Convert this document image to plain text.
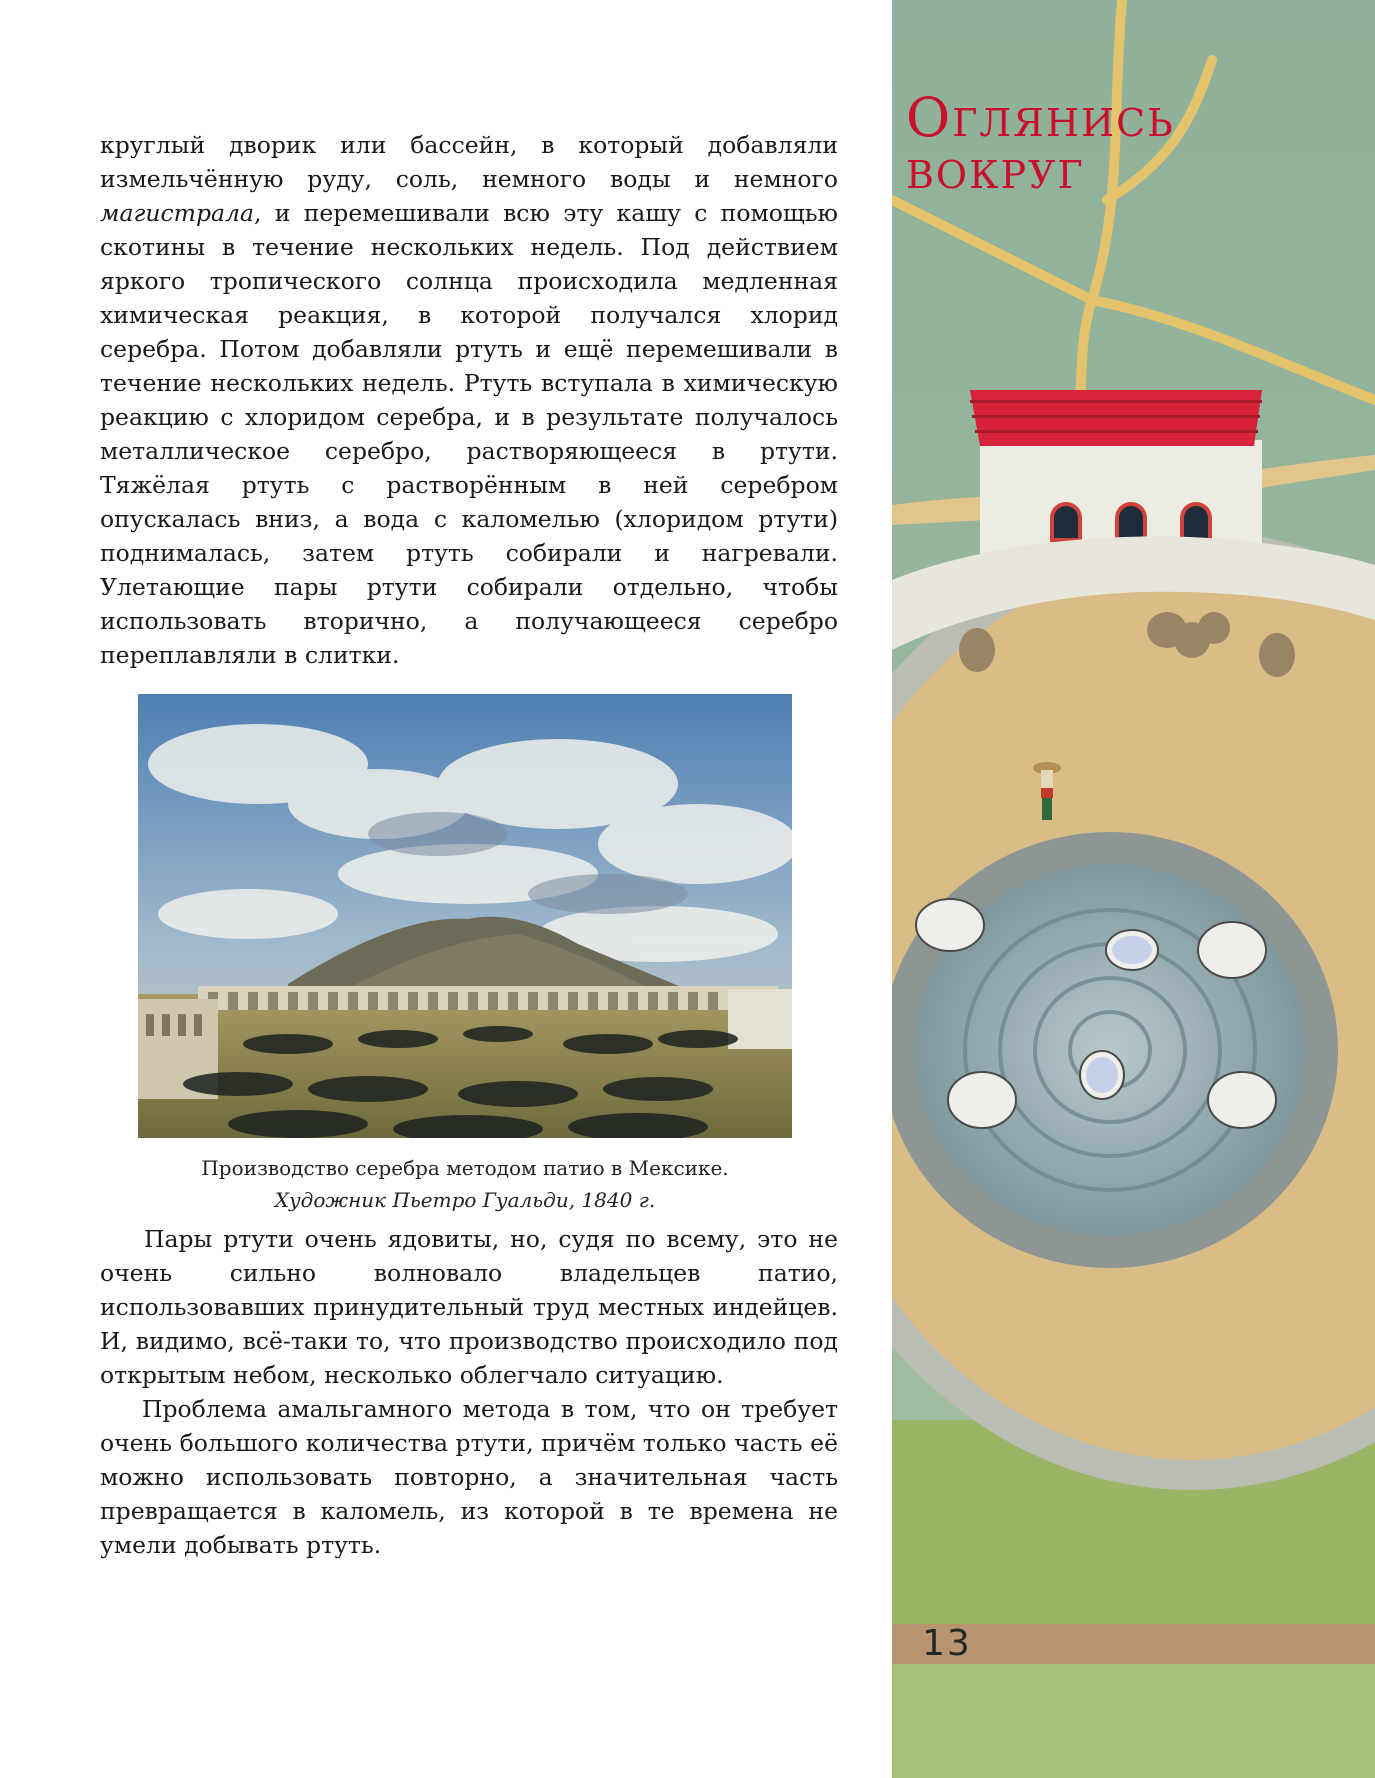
круглый дворик или бассейн, в который добавляли измельчённую руду, соль, немного воды и немного магистрала, и перемешивали всю эту кашу с помощью скотины в течение нескольких недель. Под действием яркого тропического солнца происходила медленная химическая реакция, в которой получался хлорид серебра. Потом добавляли ртуть и ещё перемешивали в течение нескольких недель. Ртуть вступала в химическую реакцию с хлоридом серебра, и в результате получалось металлическое серебро, растворяющееся в ртути. Тяжёлая ртуть с растворённым в ней серебром опускалась вниз, а вода с каломелью (хлоридом ртути) поднималась, затем ртуть собирали и нагревали. Улетающие пары ртути собирали отдельно, чтобы использовать вторично, а получающееся серебро переплавляли в слитки.

Производство серебра методом патио в Мексике.
Художник Пьетро Гуальди, 1840 г.

Пары ртути очень ядовиты, но, судя по всему, это не очень сильно волновало владельцев патио, использовавших принудительный труд местных индейцев. И, видимо, всё-таки то, что производство происходило под открытым небом, несколько облегчало ситуацию.

Проблема амальгамного метода в том, что он требует очень большого количества ртути, причём только часть её можно использовать повторно, а значительная часть превращается в каломель, из которой в те времена не умели добывать ртуть.

Оглянись
вокруг
13
